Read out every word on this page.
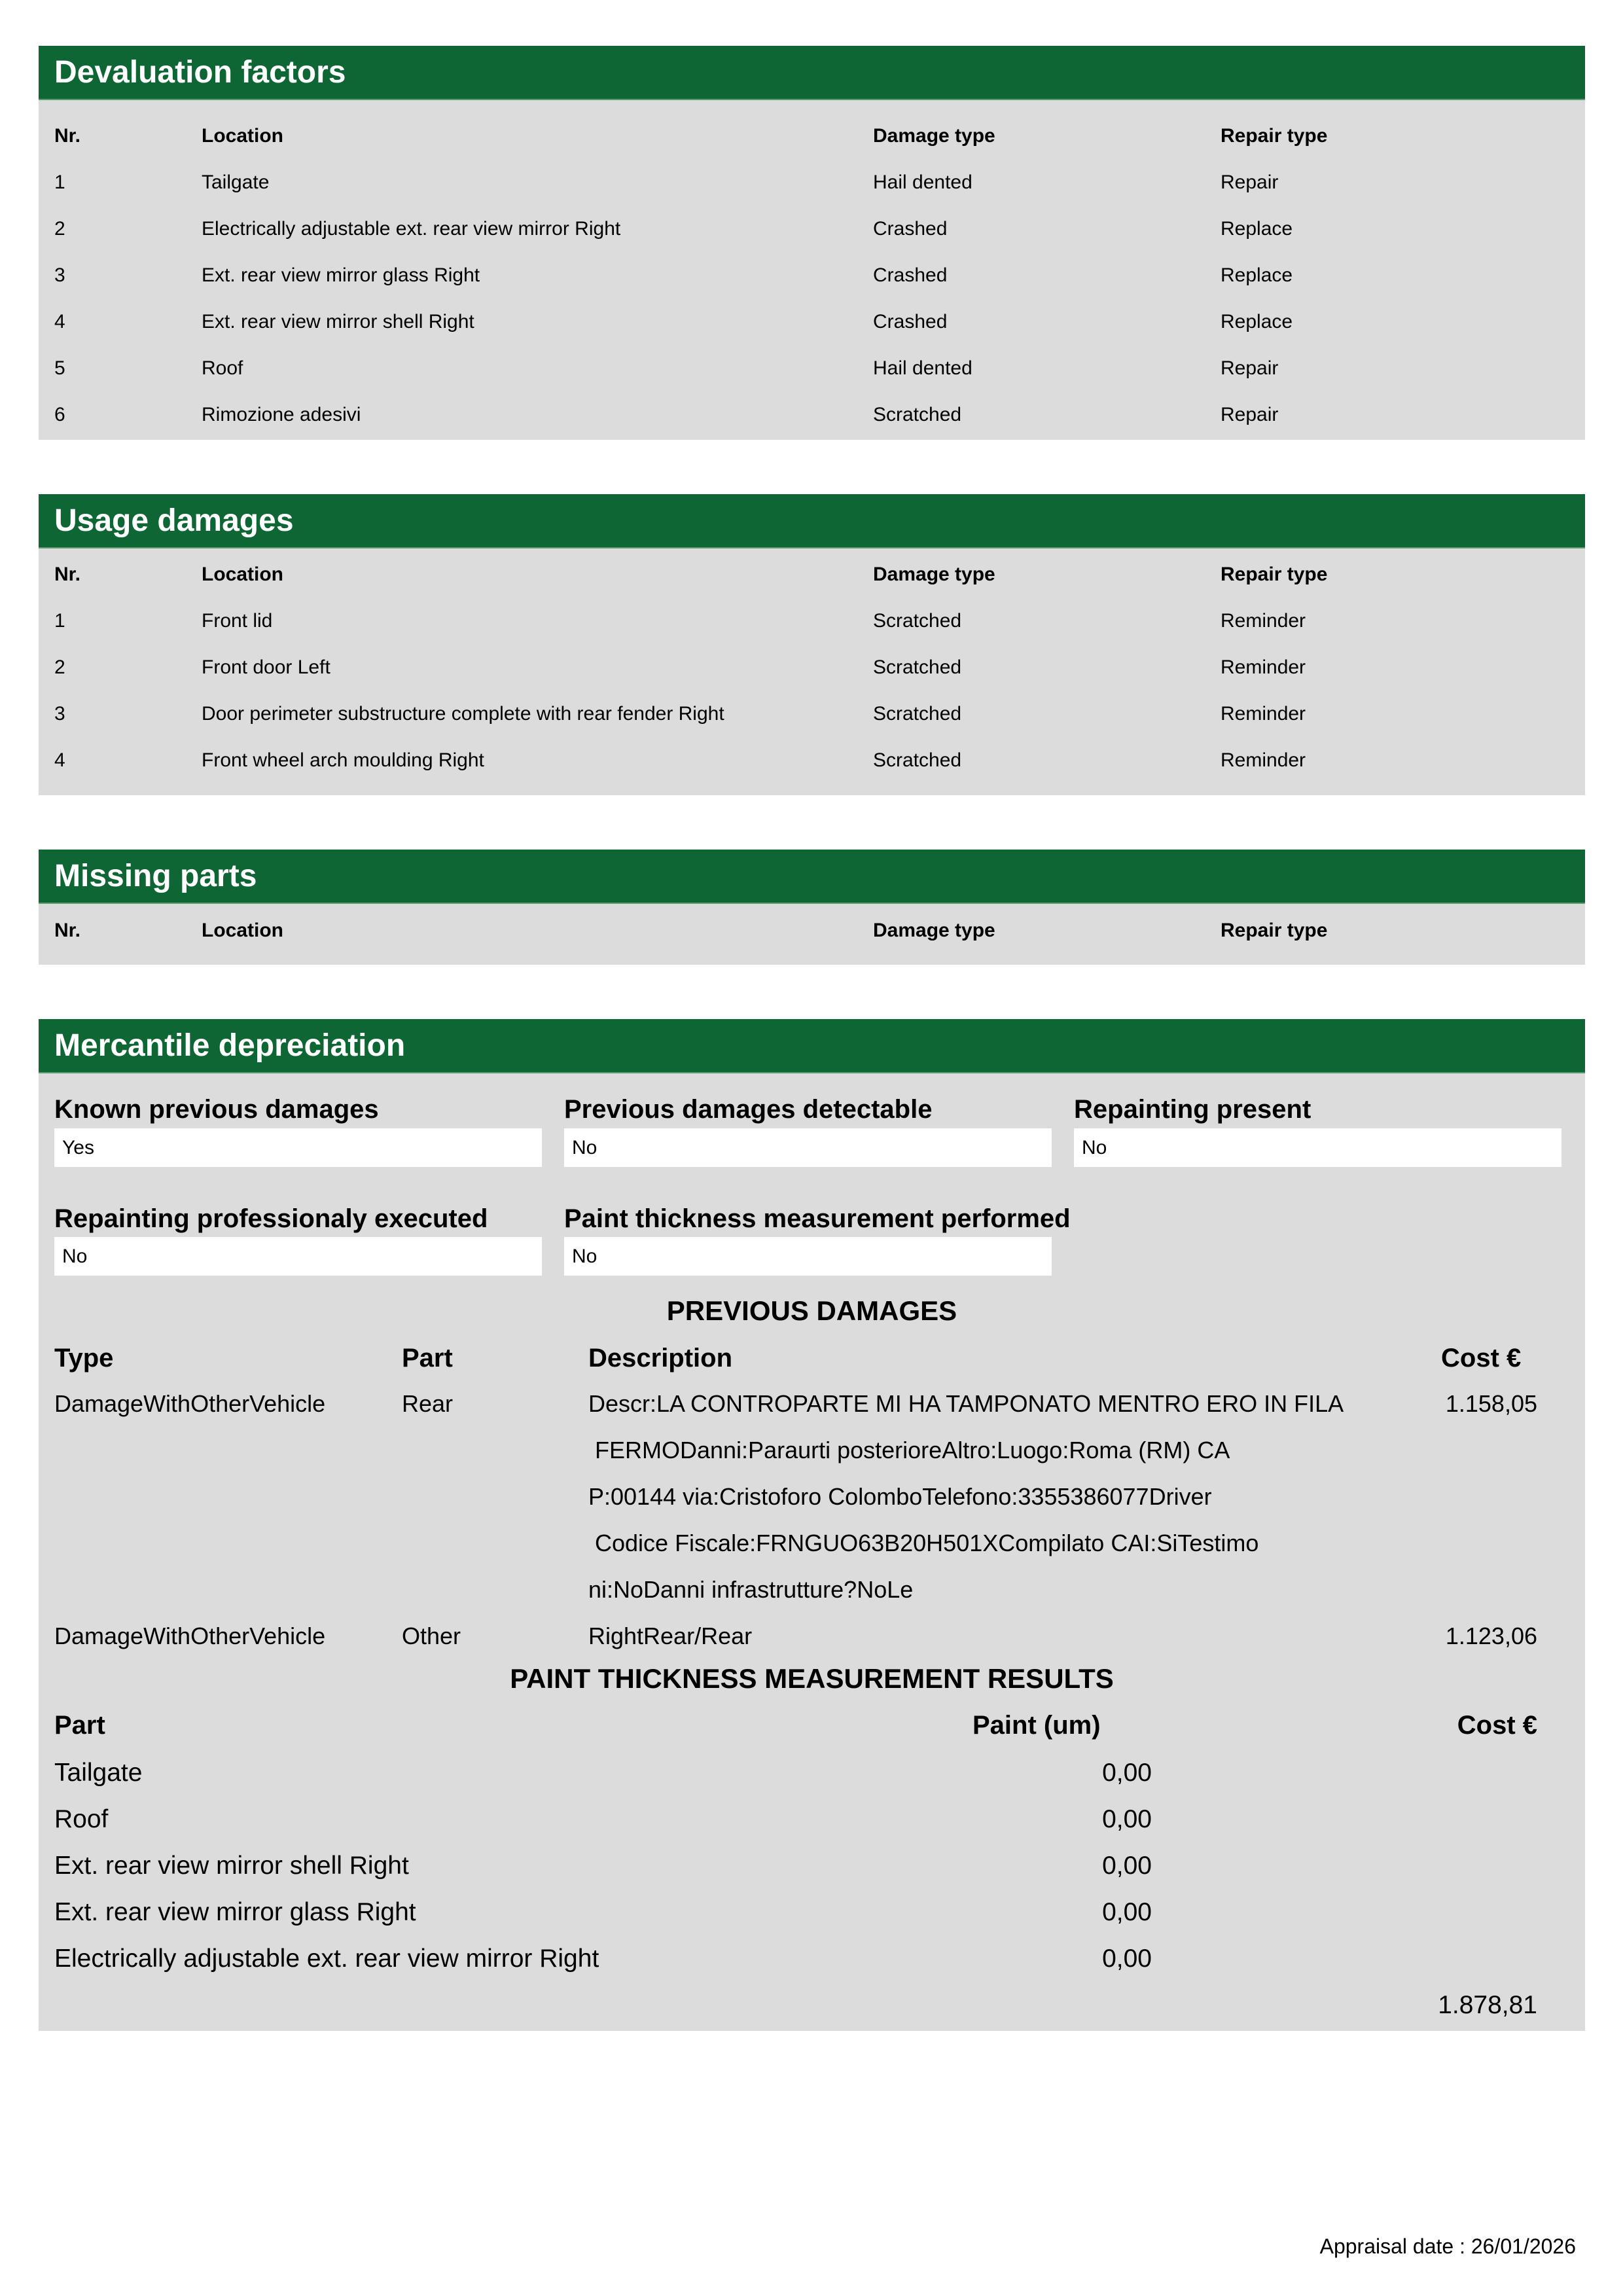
Devaluation factors
Nr.	Location	Damage type	Repair type
1	Tailgate	Hail dented	Repair
2	Electrically adjustable ext. rear view mirror Right	Crashed	Replace
3	Ext. rear view mirror glass Right	Crashed	Replace
4	Ext. rear view mirror shell Right	Crashed	Replace
5	Roof	Hail dented	Repair
6	Rimozione adesivi	Scratched	Repair
Usage damages
Nr.	Location	Damage type	Repair type
1	Front lid	Scratched	Reminder
2	Front door Left	Scratched	Reminder
3	Door perimeter substructure complete with rear fender Right	Scratched	Reminder
4	Front wheel arch moulding Right	Scratched	Reminder
Missing parts
Nr.	Location	Damage type	Repair type
Mercantile depreciation
Known previous damages
Yes
Previous damages detectable
No
Repainting present
No
Repainting professionaly executed
No
Paint thickness measurement performed
No
PREVIOUS DAMAGES
Type	Part	Description	Cost €
DamageWithOtherVehicle	Rear	Descr:LA CONTROPARTE MI HA TAMPONATO MENTRO ERO IN FILA	1.158,05
FERMODanni:Paraurti posterioreAltro:Luogo:Roma (RM) CA
P:00144 via:Cristoforo ColomboTelefono:3355386077Driver
Codice Fiscale:FRNGUO63B20H501XCompilato CAI:SiTestimo
ni:NoDanni infrastrutture?NoLe
DamageWithOtherVehicle	Other	RightRear/Rear	1.123,06
PAINT THICKNESS MEASUREMENT RESULTS
Part	Paint (um)	Cost €
Tailgate	0,00
Roof	0,00
Ext. rear view mirror shell Right	0,00
Ext. rear view mirror glass Right	0,00
Electrically adjustable ext. rear view mirror Right	0,00
1.878,81
Appraisal date : 26/01/2026
